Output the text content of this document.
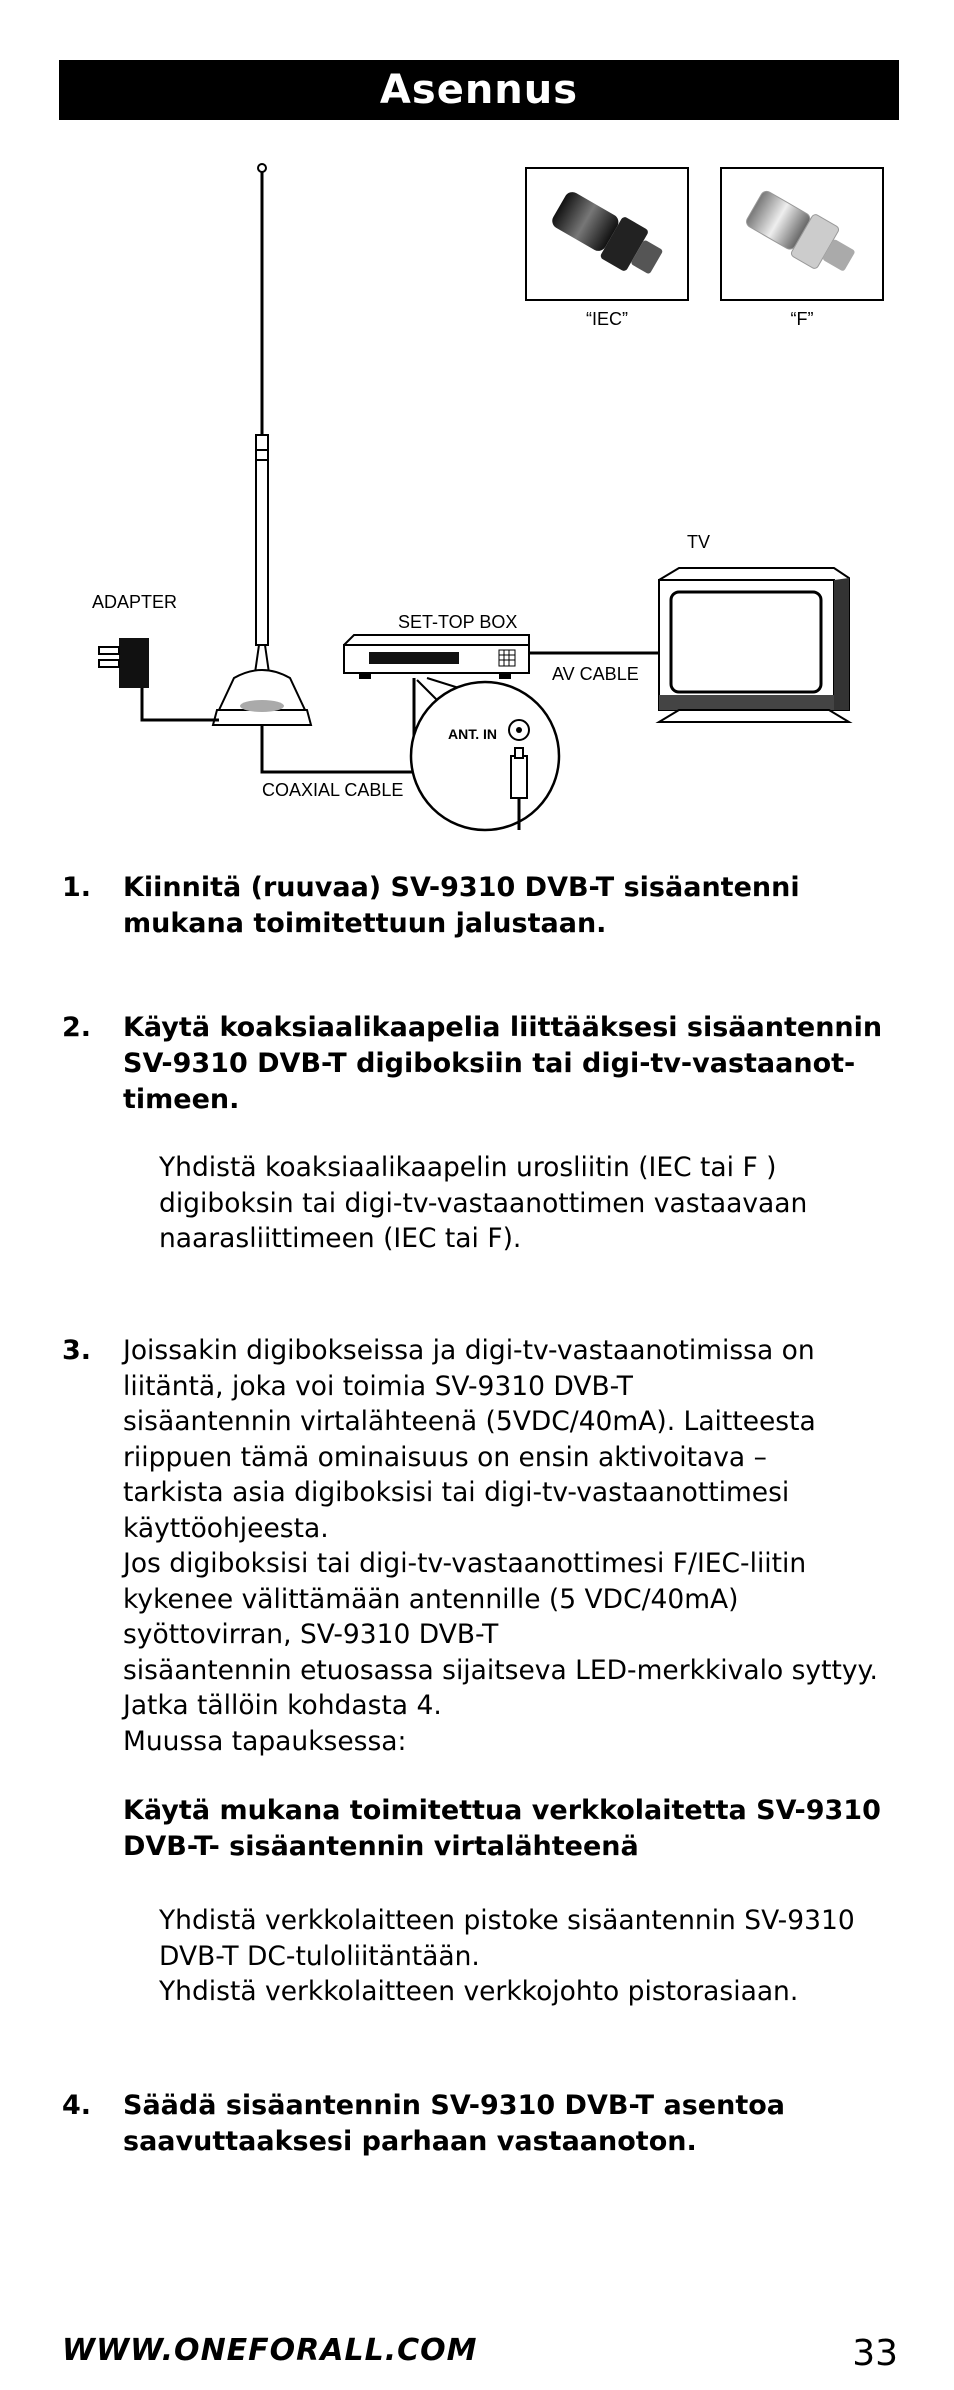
Asennus
“IEC”	“F”
ADAPTER
COAXIAL CABLE
SET-TOP BOX
AV CABLE
TV
ANT. IN
1. Kiinnitä (ruuvaa) SV-9310 DVB-T sisäantenni mukana toimitettuun jalustaan.
2. Käytä koaksiaalikaapelia liittääksesi sisäantennin SV-9310 DVB-T digiboksiin tai digi-tv-vastaanot-timeen.
Yhdistä koaksiaalikaapelin urosliitin (IEC tai F )
digiboksin tai digi-tv-vastaanottimen vastaavaan
naarasliittimeen (IEC tai F).
3. Joissakin digibokseissa ja digi-tv-vastaanotimissa on
liitäntä, joka voi toimia SV-9310 DVB-T
sisäantennin virtalähteenä (5VDC/40mA). Laitteesta
riippuen tämä ominaisuus on ensin aktivoitava –
tarkista asia digiboksisi tai digi-tv-vastaanottimesi
käyttöohjeesta.
Jos digiboksisi tai digi-tv-vastaanottimesi F/IEC-liitin
kykenee välittämään antennille (5 VDC/40mA)
syöttovirran, SV-9310 DVB-T
sisäantennin etuosassa sijaitseva LED-merkkivalo syttyy.
Jatka tällöin kohdasta 4.
Muussa tapauksessa:
Käytä mukana toimitettua verkkolaitetta SV-9310 DVB-T- sisäantennin virtalähteenä
Yhdistä verkkolaitteen pistoke sisäantennin SV-9310
DVB-T DC-tuloliitäntään.
Yhdistä verkkolaitteen verkkojohto pistorasiaan.
4. Säädä sisäantennin SV-9310 DVB-T asentoa saavuttaaksesi parhaan vastaanoton.
WWW.ONEFORALL.COM	33
